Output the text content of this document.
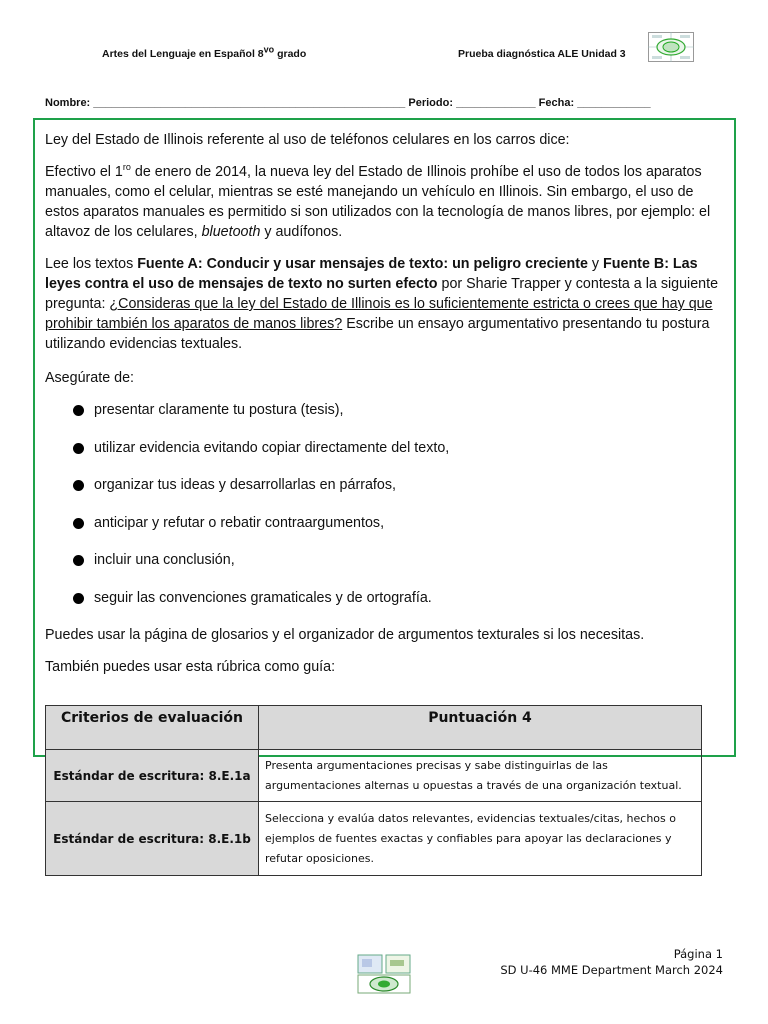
Artes del Lenguaje en Español 8vo grado	Prueba diagnóstica ALE Unidad 3
Nombre: ___________________________________________________ Periodo: _____________ Fecha: ____________

Ley del Estado de Illinois referente al uso de teléfonos celulares en los carros dice:

Efectivo el $1^{ro}$ de enero de 2014, la nueva ley del Estado de Illinois prohíbe el uso de todos los aparatos manuales, como el celular, mientras se esté manejando un vehículo en Illinois. Sin embargo, el uso de estos aparatos manuales es permitido si son utilizados con la tecnología de manos libres, por ejemplo: el altavoz de los celulares, bluetooth y audífonos.

Lee los textos Fuente A: Conducir y usar mensajes de texto: un peligro creciente y Fuente B: Las leyes contra el uso de mensajes de texto no surten efecto por Sharie Trapper y contesta a la siguiente pregunta: ¿Consideras que la ley del Estado de Illinois es lo suficientemente estricta o crees que hay que prohibir también los aparatos de manos libres? Escribe un ensayo argumentativo presentando tu postura utilizando evidencias textuales.

Asegúrate de:

presentar claramente tu postura (tesis),
utilizar evidencia evitando copiar directamente del texto,
organizar tus ideas y desarrollarlas en párrafos,
anticipar y refutar o rebatir contraargumentos,
incluir una conclusión,
seguir las convenciones gramaticales y de ortografía.

Puedes usar la página de glosarios y el organizador de argumentos texturales si los necesitas.

También puedes usar esta rúbrica como guía:

Criterios de evaluación	Puntuación 4
Estándar de escritura: 8.E.1a	Presenta argumentaciones precisas y sabe distinguirlas de las argumentaciones alternas u opuestas a través de una organización textual.
Estándar de escritura: 8.E.1b	Selecciona y evalúa datos relevantes, evidencias textuales/citas, hechos o ejemplos de fuentes exactas y confiables para apoyar las declaraciones y refutar oposiciones.
Página 1
SD U-46 MME Department March 2024
